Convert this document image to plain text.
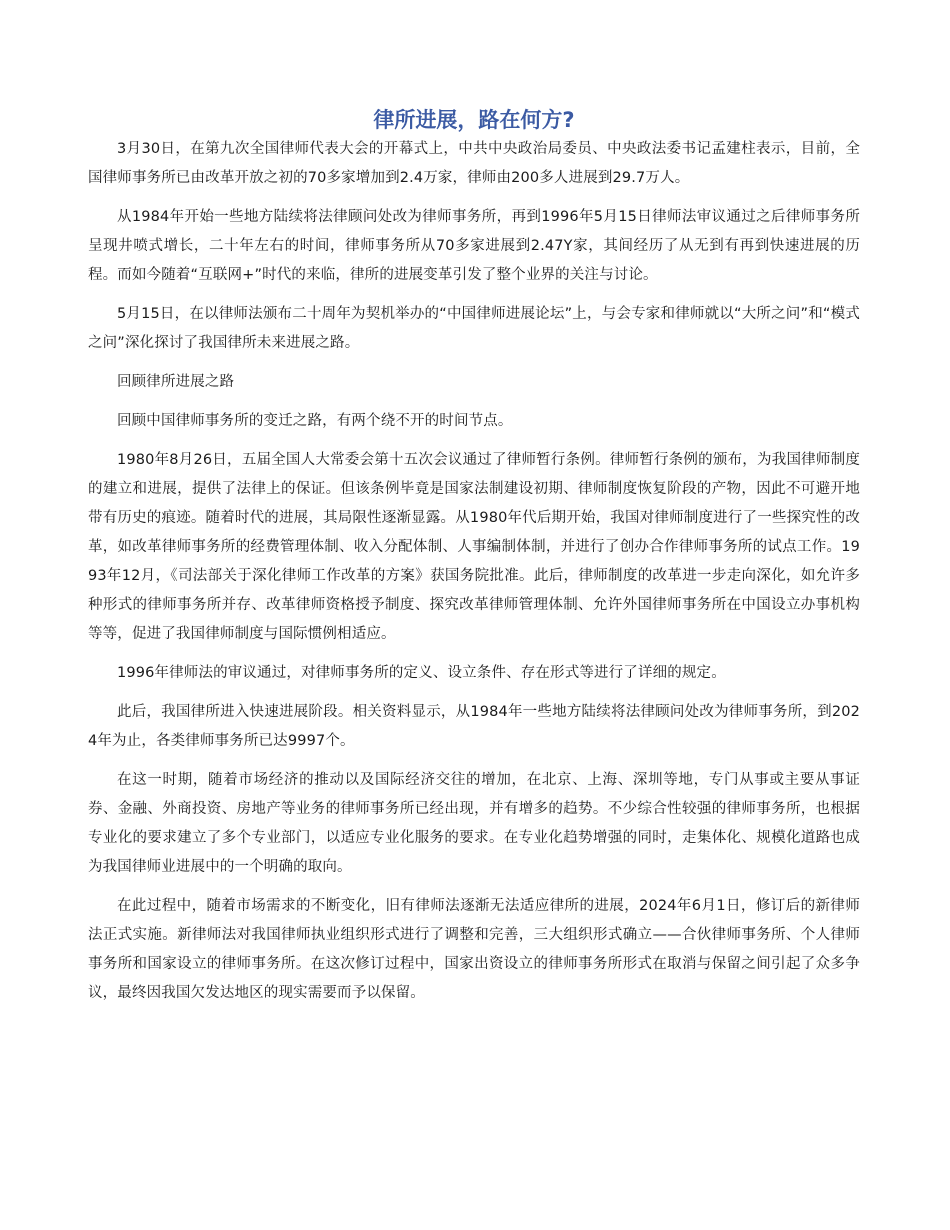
律所进展，路在何方?

3月30日，在第九次全国律师代表大会的开幕式上，中共中央政治局委员、中央政法委书记孟建柱表示，目前，全国律师事务所已由改革开放之初的70多家增加到2.4万家，律师由200多人进展到29.7万人。

从1984年开始一些地方陆续将法律顾问处改为律师事务所，再到1996年5月15日律师法审议通过之后律师事务所呈现井喷式增长，二十年左右的时间，律师事务所从70多家进展到2.47Y家，其间经历了从无到有再到快速进展的历程。而如今随着“互联网+”时代的来临，律所的进展变革引发了整个业界的关注与讨论。

5月15日，在以律师法颁布二十周年为契机举办的“中国律师进展论坛”上，与会专家和律师就以“大所之问”和“模式之问”深化探讨了我国律所未来进展之路。

回顾律所进展之路

回顾中国律师事务所的变迁之路，有两个绕不开的时间节点。

1980年8月26日，五届全国人大常委会第十五次会议通过了律师暂行条例。律师暂行条例的颁布，为我国律师制度的建立和进展，提供了法律上的保证。但该条例毕竟是国家法制建设初期、律师制度恢复阶段的产物，因此不可避开地带有历史的痕迹。随着时代的进展，其局限性逐渐显露。从1980年代后期开始，我国对律师制度进行了一些探究性的改革，如改革律师事务所的经费管理体制、收入分配体制、人事编制体制，并进行了创办合作律师事务所的试点工作。1993年12月，《司法部关于深化律师工作改革的方案》获国务院批准。此后，律师制度的改革进一步走向深化，如允许多种形式的律师事务所并存、改革律师资格授予制度、探究改革律师管理体制、允许外国律师事务所在中国设立办事机构等等，促进了我国律师制度与国际惯例相适应。

1996年律师法的审议通过，对律师事务所的定义、设立条件、存在形式等进行了详细的规定。

此后，我国律所进入快速进展阶段。相关资料显示，从1984年一些地方陆续将法律顾问处改为律师事务所，到2024年为止，各类律师事务所已达9997个。

在这一时期，随着市场经济的推动以及国际经济交往的增加，在北京、上海、深圳等地，专门从事或主要从事证券、金融、外商投资、房地产等业务的律师事务所已经出现，并有增多的趋势。不少综合性较强的律师事务所，也根据专业化的要求建立了多个专业部门，以适应专业化服务的要求。在专业化趋势增强的同时，走集体化、规模化道路也成为我国律师业进展中的一个明确的取向。

在此过程中，随着市场需求的不断变化，旧有律师法逐渐无法适应律所的进展，2024年6月1日，修订后的新律师法正式实施。新律师法对我国律师执业组织形式进行了调整和完善，三大组织形式确立——合伙律师事务所、个人律师事务所和国家设立的律师事务所。在这次修订过程中，国家出资设立的律师事务所形式在取消与保留之间引起了众多争议，最终因我国欠发达地区的现实需要而予以保留。
